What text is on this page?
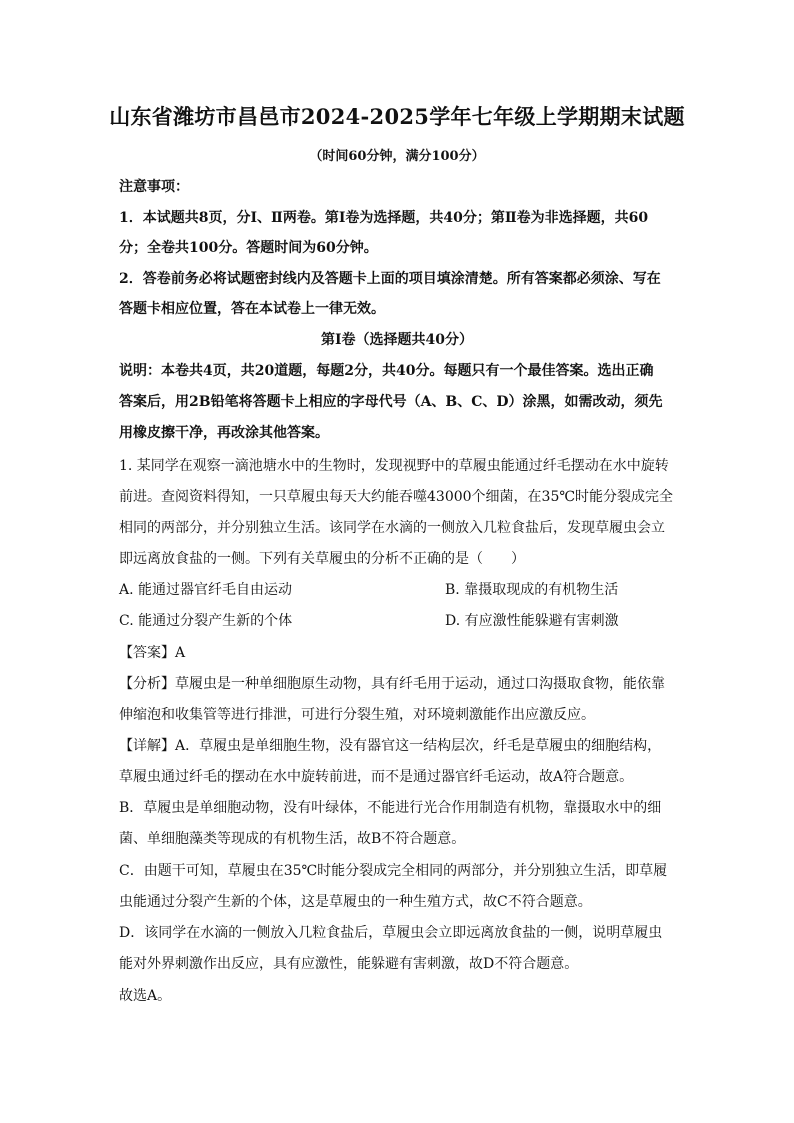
山东省潍坊市昌邑市2024-2025学年七年级上学期期末试题
（时间60分钟，满分100分）
注意事项：
1．本试题共8页，分Ⅰ、Ⅱ两卷。第Ⅰ卷为选择题，共40分；第Ⅱ卷为非选择题，共60
分；全卷共100分。答题时间为60分钟。
2．答卷前务必将试题密封线内及答题卡上面的项目填涂清楚。所有答案都必须涂、写在
答题卡相应位置，答在本试卷上一律无效。
第Ⅰ卷（选择题共40分）
说明：本卷共4页，共20道题，每题2分，共40分。每题只有一个最佳答案。选出正确
答案后，用2B铅笔将答题卡上相应的字母代号（A、B、C、D）涂黑，如需改动，须先
用橡皮擦干净，再改涂其他答案。
1. 某同学在观察一滴池塘水中的生物时，发现视野中的草履虫能通过纤毛摆动在水中旋转
前进。查阅资料得知，一只草履虫每天大约能吞噬43000个细菌，在35℃时能分裂成完全
相同的两部分，并分别独立生活。该同学在水滴的一侧放入几粒食盐后，发现草履虫会立
即远离放食盐的一侧。下列有关草履虫的分析不正确的是（　　）
A. 能通过器官纤毛自由运动	B. 靠摄取现成的有机物生活
C. 能通过分裂产生新的个体	D. 有应激性能躲避有害刺激
【答案】A
【分析】草履虫是一种单细胞原生动物，具有纤毛用于运动，通过口沟摄取食物，能依靠
伸缩泡和收集管等进行排泄，可进行分裂生殖，对环境刺激能作出应激反应。
【详解】A．草履虫是单细胞生物，没有器官这一结构层次，纤毛是草履虫的细胞结构，
草履虫通过纤毛的摆动在水中旋转前进，而不是通过器官纤毛运动，故A符合题意。
B．草履虫是单细胞动物，没有叶绿体，不能进行光合作用制造有机物，靠摄取水中的细
菌、单细胞藻类等现成的有机物生活，故B不符合题意。
C．由题干可知，草履虫在35℃时能分裂成完全相同的两部分，并分别独立生活，即草履
虫能通过分裂产生新的个体，这是草履虫的一种生殖方式，故C不符合题意。
D．该同学在水滴的一侧放入几粒食盐后，草履虫会立即远离放食盐的一侧，说明草履虫
能对外界刺激作出反应，具有应激性，能躲避有害刺激，故D不符合题意。
故选A。
